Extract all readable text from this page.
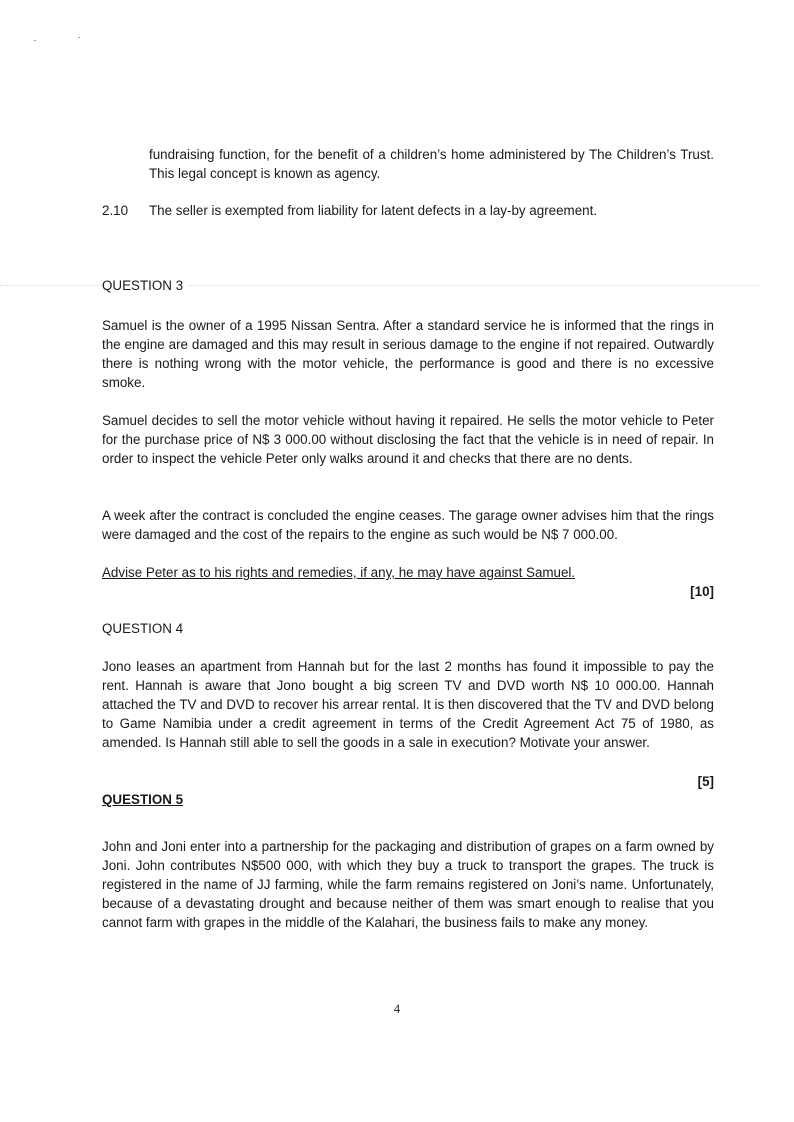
fundraising function, for the benefit of a children’s home administered by The Children’s Trust. This legal concept is known as agency.
2.10 The seller is exempted from liability for latent defects in a lay-by agreement.
QUESTION 3
Samuel is the owner of a 1995 Nissan Sentra. After a standard service he is informed that the rings in the engine are damaged and this may result in serious damage to the engine if not repaired. Outwardly there is nothing wrong with the motor vehicle, the performance is good and there is no excessive smoke.
Samuel decides to sell the motor vehicle without having it repaired. He sells the motor vehicle to Peter for the purchase price of N$ 3 000.00 without disclosing the fact that the vehicle is in need of repair. In order to inspect the vehicle Peter only walks around it and checks that there are no dents.
A week after the contract is concluded the engine ceases. The garage owner advises him that the rings were damaged and the cost of the repairs to the engine as such would be N$ 7 000.00.
Advise Peter as to his rights and remedies, if any, he may have against Samuel.
[10]
QUESTION 4
Jono leases an apartment from Hannah but for the last 2 months has found it impossible to pay the rent. Hannah is aware that Jono bought a big screen TV and DVD worth N$ 10 000.00. Hannah attached the TV and DVD to recover his arrear rental. It is then discovered that the TV and DVD belong to Game Namibia under a credit agreement in terms of the Credit Agreement Act 75 of 1980, as amended. Is Hannah still able to sell the goods in a sale in execution? Motivate your answer.
[5]
QUESTION 5
John and Joni enter into a partnership for the packaging and distribution of grapes on a farm owned by Joni. John contributes N$500 000, with which they buy a truck to transport the grapes. The truck is registered in the name of JJ farming, while the farm remains registered on Joni’s name. Unfortunately, because of a devastating drought and because neither of them was smart enough to realise that you cannot farm with grapes in the middle of the Kalahari, the business fails to make any money.
4
